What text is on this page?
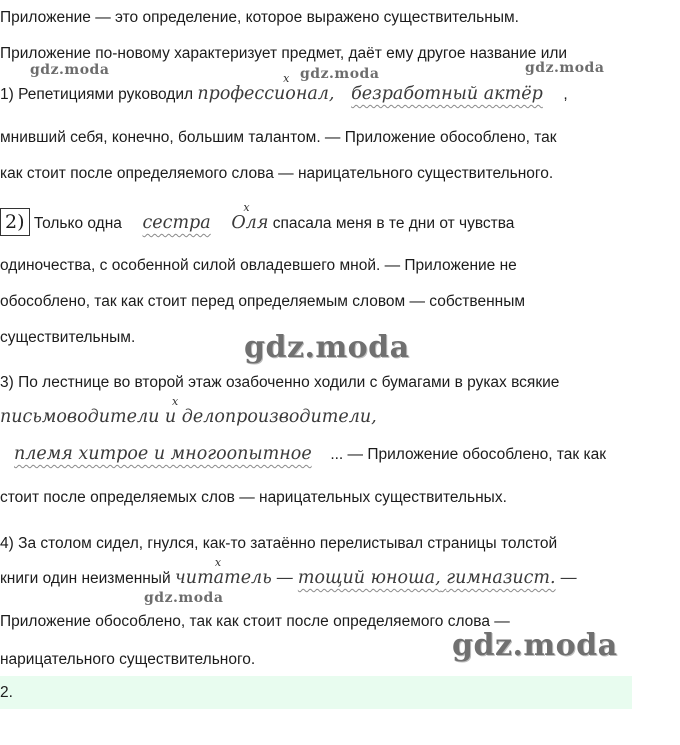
Приложение — это определение, которое выражено существительным.
Приложение по-новому характеризует предмет, даёт ему другое название или
gdz.moda	gdz.moda	gdz.moda
1) Репетициями руководил профессионал,
x
безработный актёр ,
мнивший себя, конечно, большим талантом. — Приложение обособлено, так
как стоит после определяемого слова — нарицательного существительного.
2) Только одна сестра
x
Оля спасала меня в те дни от чувства
одиночества, с особенной силой овладевшего мной. — Приложение не
обособлено, так как стоит перед определяемым словом — собственным
существительным.	gdz.moda
3) По лестнице во второй этаж озабоченно ходили с бумагами в руках всякие
x
письмоводители и делопроизводители,
племя хитрое и многоопытное ... — Приложение обособлено, так как
стоит после определяемых слов — нарицательных существительных.
4) За столом сидел, гнулся, как-то затаённо перелистывал страницы толстой
книги один неизменный
x
читатель — тощий юноша, гимназист. —
gdz.moda
Приложение обособлено, так как стоит после определяемого слова —
нарицательного существительного.	gdz.moda
2.
